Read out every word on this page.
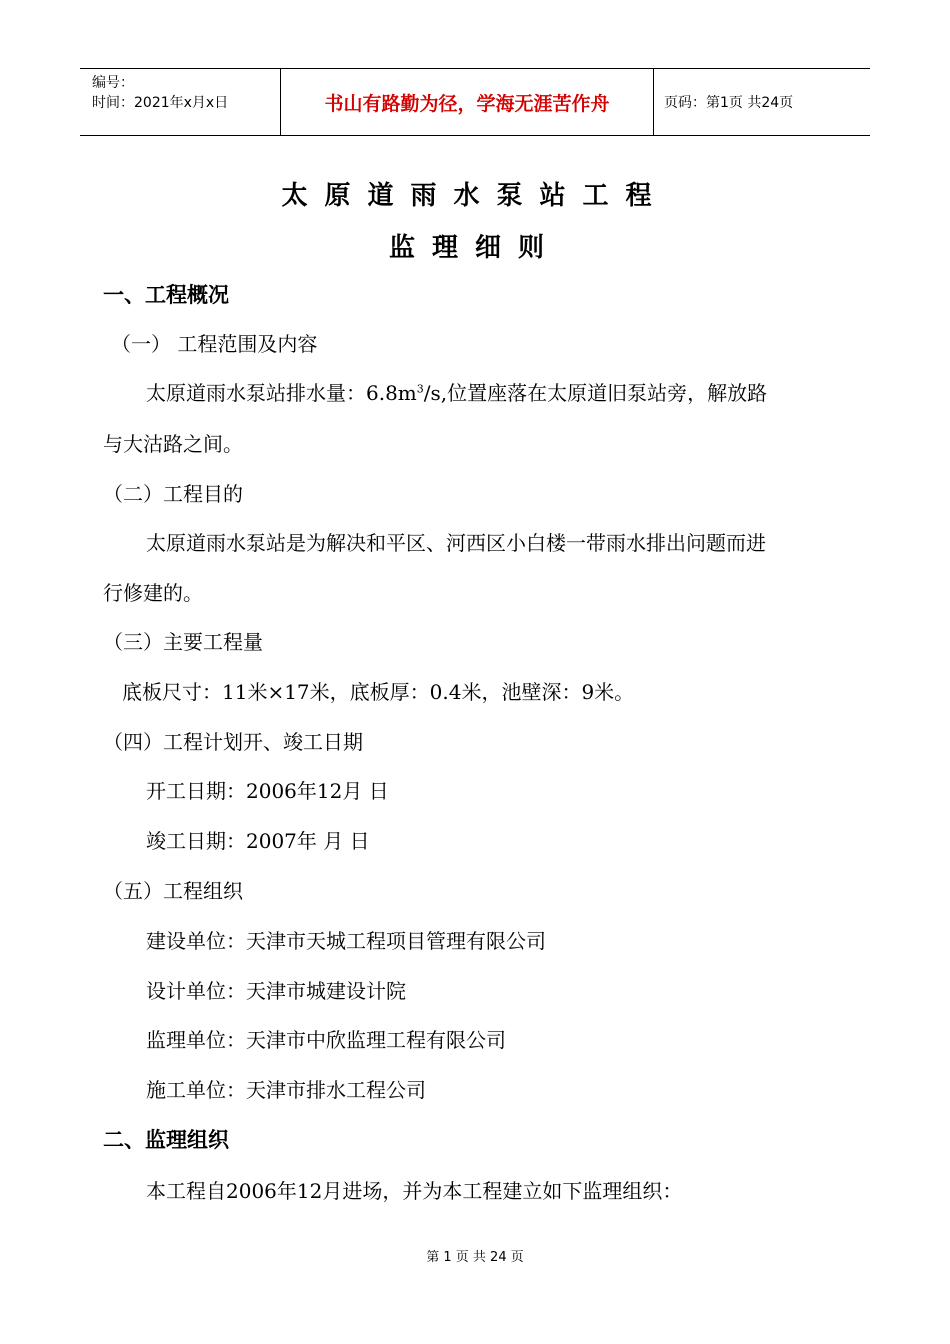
编号：
时间：2021年x月x日	书山有路勤为径，学海无涯苦作舟	页码：第1页 共24页
太原道雨水泵站工程
监理细则
一、工程概况
（一） 工程范围及内容
太原道雨水泵站排水量：$6.8m^3/s$,位置座落在太原道旧泵站旁，解放路
与大沽路之间。
（二）工程目的
太原道雨水泵站是为解决和平区、河西区小白楼一带雨水排出问题而进
行修建的。
（三）主要工程量
底板尺寸：11米×17米，底板厚：0.4米，池壁深：9米。
（四）工程计划开、竣工日期
开工日期：2006年12月 日
竣工日期：2007年 月 日
（五）工程组织
建设单位：天津市天城工程项目管理有限公司
设计单位：天津市城建设计院
监理单位：天津市中欣监理工程有限公司
施工单位：天津市排水工程公司
二、监理组织
本工程自2006年12月进场，并为本工程建立如下监理组织：
第 1 页 共 24 页
